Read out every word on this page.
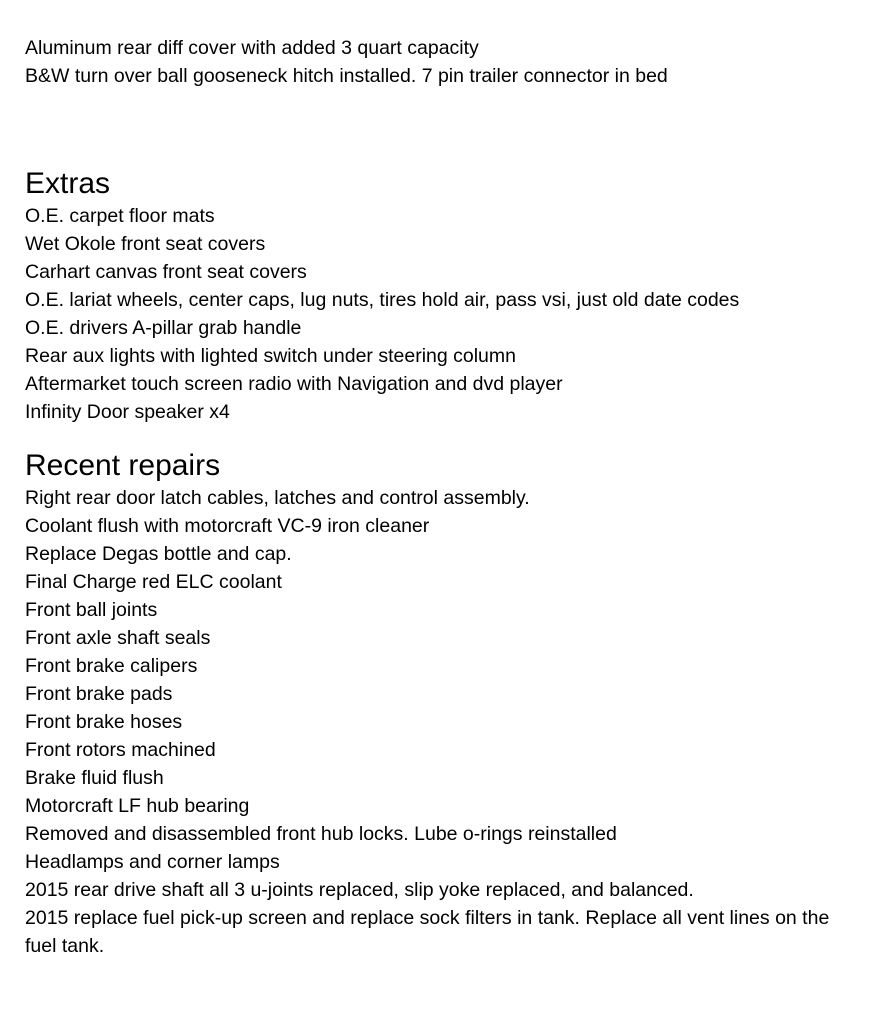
Aluminum rear diff cover with added 3 quart capacity
B&W turn over ball gooseneck hitch installed. 7 pin trailer connector in bed
Extras
O.E. carpet floor mats
Wet Okole front seat covers
Carhart canvas front seat covers
O.E. lariat wheels, center caps, lug nuts, tires hold air, pass vsi, just old date codes
O.E. drivers A-pillar grab handle
Rear aux lights with lighted switch under steering column
Aftermarket touch screen radio with Navigation and dvd player
Infinity Door speaker x4
Recent repairs
Right rear door latch cables, latches and control assembly.
Coolant flush with motorcraft VC-9 iron cleaner
Replace Degas bottle and cap.
Final Charge red ELC coolant
Front ball joints
Front axle shaft seals
Front brake calipers
Front brake pads
Front brake hoses
Front rotors machined
Brake fluid flush
Motorcraft LF hub bearing
Removed and disassembled front hub locks. Lube o-rings reinstalled
Headlamps and corner lamps
2015 rear drive shaft all 3 u-joints replaced, slip yoke replaced, and balanced.
2015 replace fuel pick-up screen and replace sock filters in tank. Replace all vent lines on the fuel tank.
